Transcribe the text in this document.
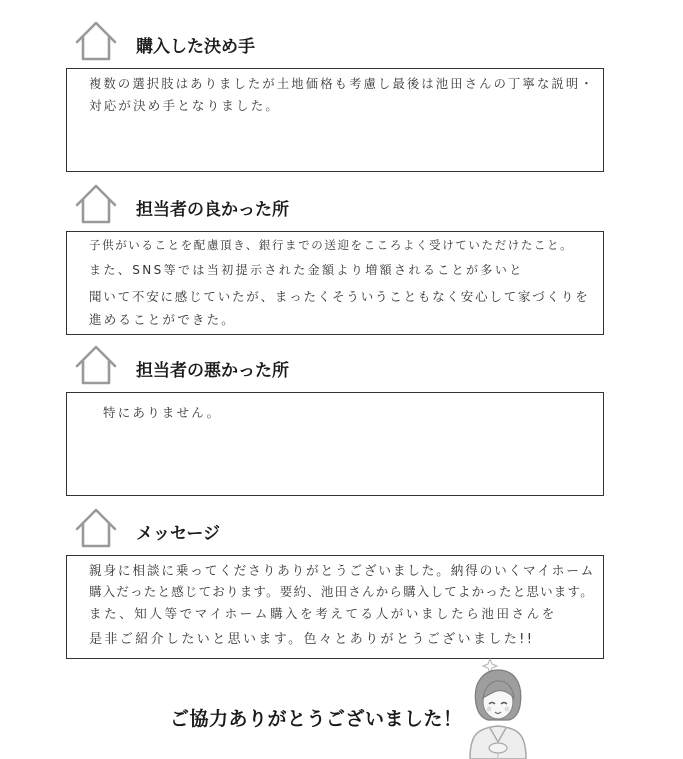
購入した決め手
複数の選択肢はありましたが土地価格も考慮し最後は池田さんの丁寧な説明・
対応が決め手となりました。
担当者の良かった所
子供がいることを配慮頂き、銀行までの送迎をこころよく受けていただけたこと。
また、SNS等では当初提示された金額より増額されることが多いと
聞いて不安に感じていたが、まったくそういうこともなく安心して家づくりを
進めることができた。
担当者の悪かった所
特にありません。
メッセージ
親身に相談に乗ってくださりありがとうございました。納得のいくマイホーム
購入だったと感じております。要約、池田さんから購入してよかったと思います。
また、知人等でマイホーム購入を考えてる人がいましたら池田さんを
是非ご紹介したいと思います。色々とありがとうございました!!
ご協力ありがとうございました！
